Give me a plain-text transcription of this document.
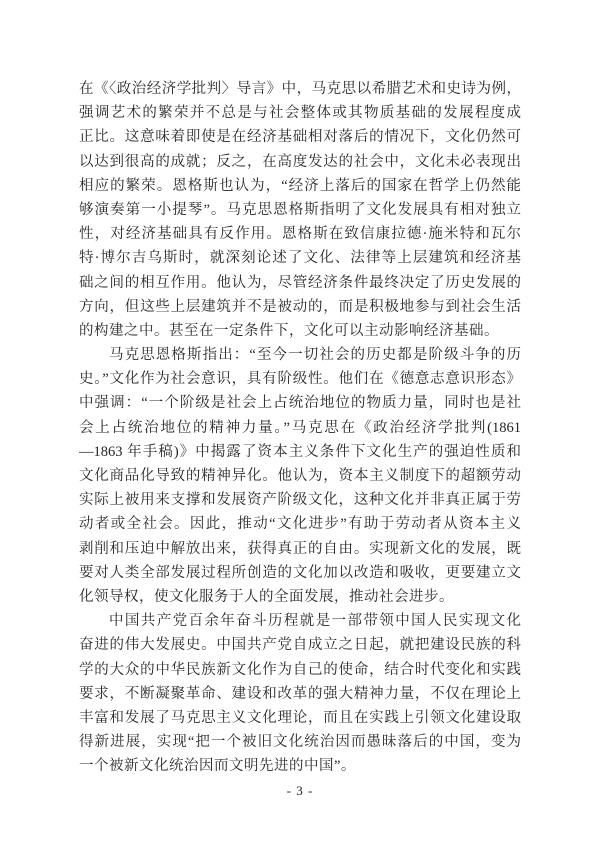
在《〈政治经济学批判〉导言》中，马克思以希腊艺术和史诗为例，
强调艺术的繁荣并不总是与社会整体或其物质基础的发展程度成
正比。这意味着即使是在经济基础相对落后的情况下，文化仍然可
以达到很高的成就；反之，在高度发达的社会中，文化未必表现出
相应的繁荣。恩格斯也认为，“经济上落后的国家在哲学上仍然能
够演奏第一小提琴”。马克思恩格斯指明了文化发展具有相对独立
性，对经济基础具有反作用。恩格斯在致信康拉德·施米特和瓦尔
特·博尔吉乌斯时，就深刻论述了文化、法律等上层建筑和经济基
础之间的相互作用。他认为，尽管经济条件最终决定了历史发展的
方向，但这些上层建筑并不是被动的，而是积极地参与到社会生活
的构建之中。甚至在一定条件下，文化可以主动影响经济基础。
马克思恩格斯指出：“至今一切社会的历史都是阶级斗争的历
史。”文化作为社会意识，具有阶级性。他们在《德意志意识形态》
中强调：“一个阶级是社会上占统治地位的物质力量，同时也是社
会上占统治地位的精神力量。”马克思在《政治经济学批判(1861
—1863 年手稿)》中揭露了资本主义条件下文化生产的强迫性质和
文化商品化导致的精神异化。他认为，资本主义制度下的超额劳动
实际上被用来支撑和发展资产阶级文化，这种文化并非真正属于劳
动者或全社会。因此，推动“文化进步”有助于劳动者从资本主义
剥削和压迫中解放出来，获得真正的自由。实现新文化的发展，既
要对人类全部发展过程所创造的文化加以改造和吸收，更要建立文
化领导权，使文化服务于人的全面发展，推动社会进步。
中国共产党百余年奋斗历程就是一部带领中国人民实现文化
奋进的伟大发展史。中国共产党自成立之日起，就把建设民族的科
学的大众的中华民族新文化作为自己的使命，结合时代变化和实践
要求，不断凝聚革命、建设和改革的强大精神力量，不仅在理论上
丰富和发展了马克思主义文化理论，而且在实践上引领文化建设取
得新进展，实现“把一个被旧文化统治因而愚昧落后的中国，变为
一个被新文化统治因而文明先进的中国”。
- 3 -
